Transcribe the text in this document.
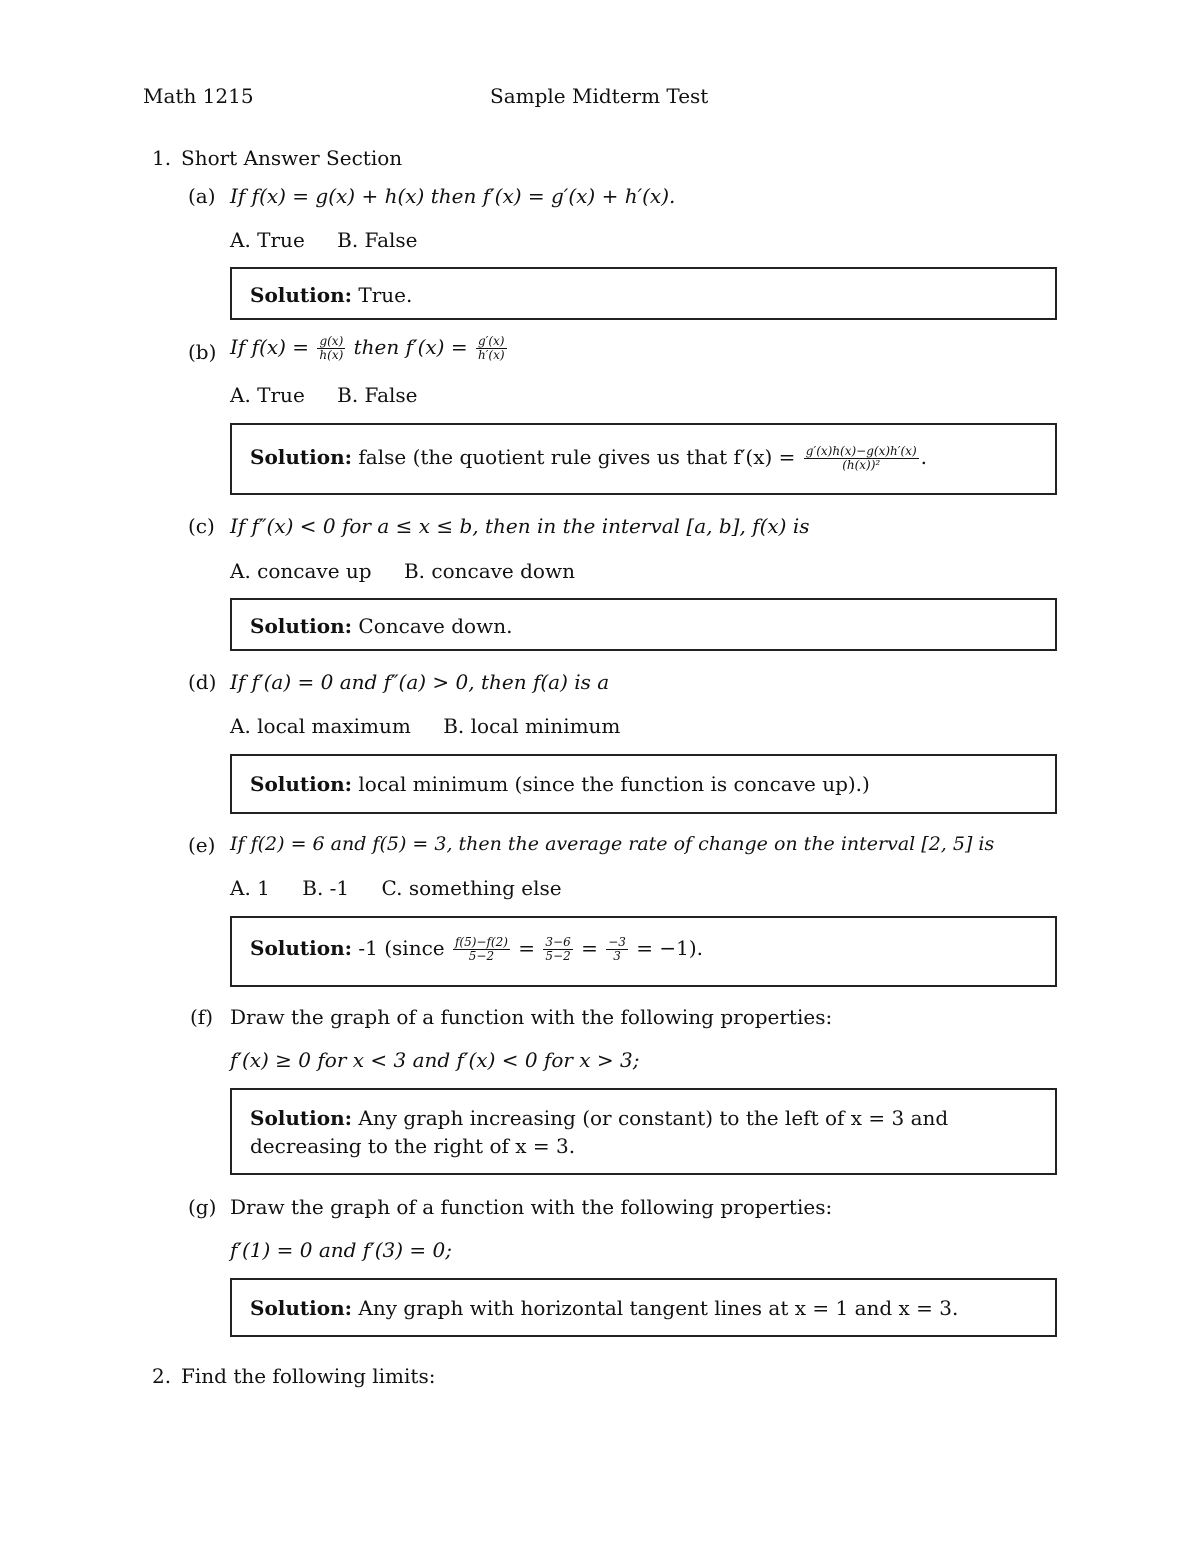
Math 1215	Sample Midterm Test
1. Short Answer Section
(a) If f(x) = g(x) + h(x) then f′(x) = g′(x) + h′(x).
A. True B. False
Solution: True.
(b) If $f(x) = \frac{g(x)}{h(x)}$ then $f'(x) = \frac{g'(x)}{h'(x)}$
A. True B. False
Solution: false (the quotient rule gives us that $f'(x) = \frac{g'(x)h(x)-g(x)h'(x)}{\text{(h(x))²}}$ .
(c) If f″(x) < 0 for a ≤ x ≤ b, then in the interval [a, b], f(x) is
A. concave up B. concave down
Solution: Concave down.
(d) If f′(a) = 0 and f″(a) > 0, then f(a) is a
A. local maximum B. local minimum
Solution: local minimum (since the function is concave up).)
(e) If f(2) = 6 and f(5) = 3, then the average rate of change on the interval [2, 5] is
A. 1 B. -1 C. something else
Solution: -1 (since $\frac{f(5)-f(2)}{5-2} = \frac{3-6}{5-2} = \frac{-3}{3} = -1$).
(f) Draw the graph of a function with the following properties:
f′(x) ≥ 0 for x < 3 and f′(x) < 0 for x > 3;
Solution: Any graph increasing (or constant) to the left of x = 3 and decreasing to the right of x = 3.
(g) Draw the graph of a function with the following properties:
f′(1) = 0 and f′(3) = 0;
Solution: Any graph with horizontal tangent lines at x = 1 and x = 3.
2. Find the following limits:
